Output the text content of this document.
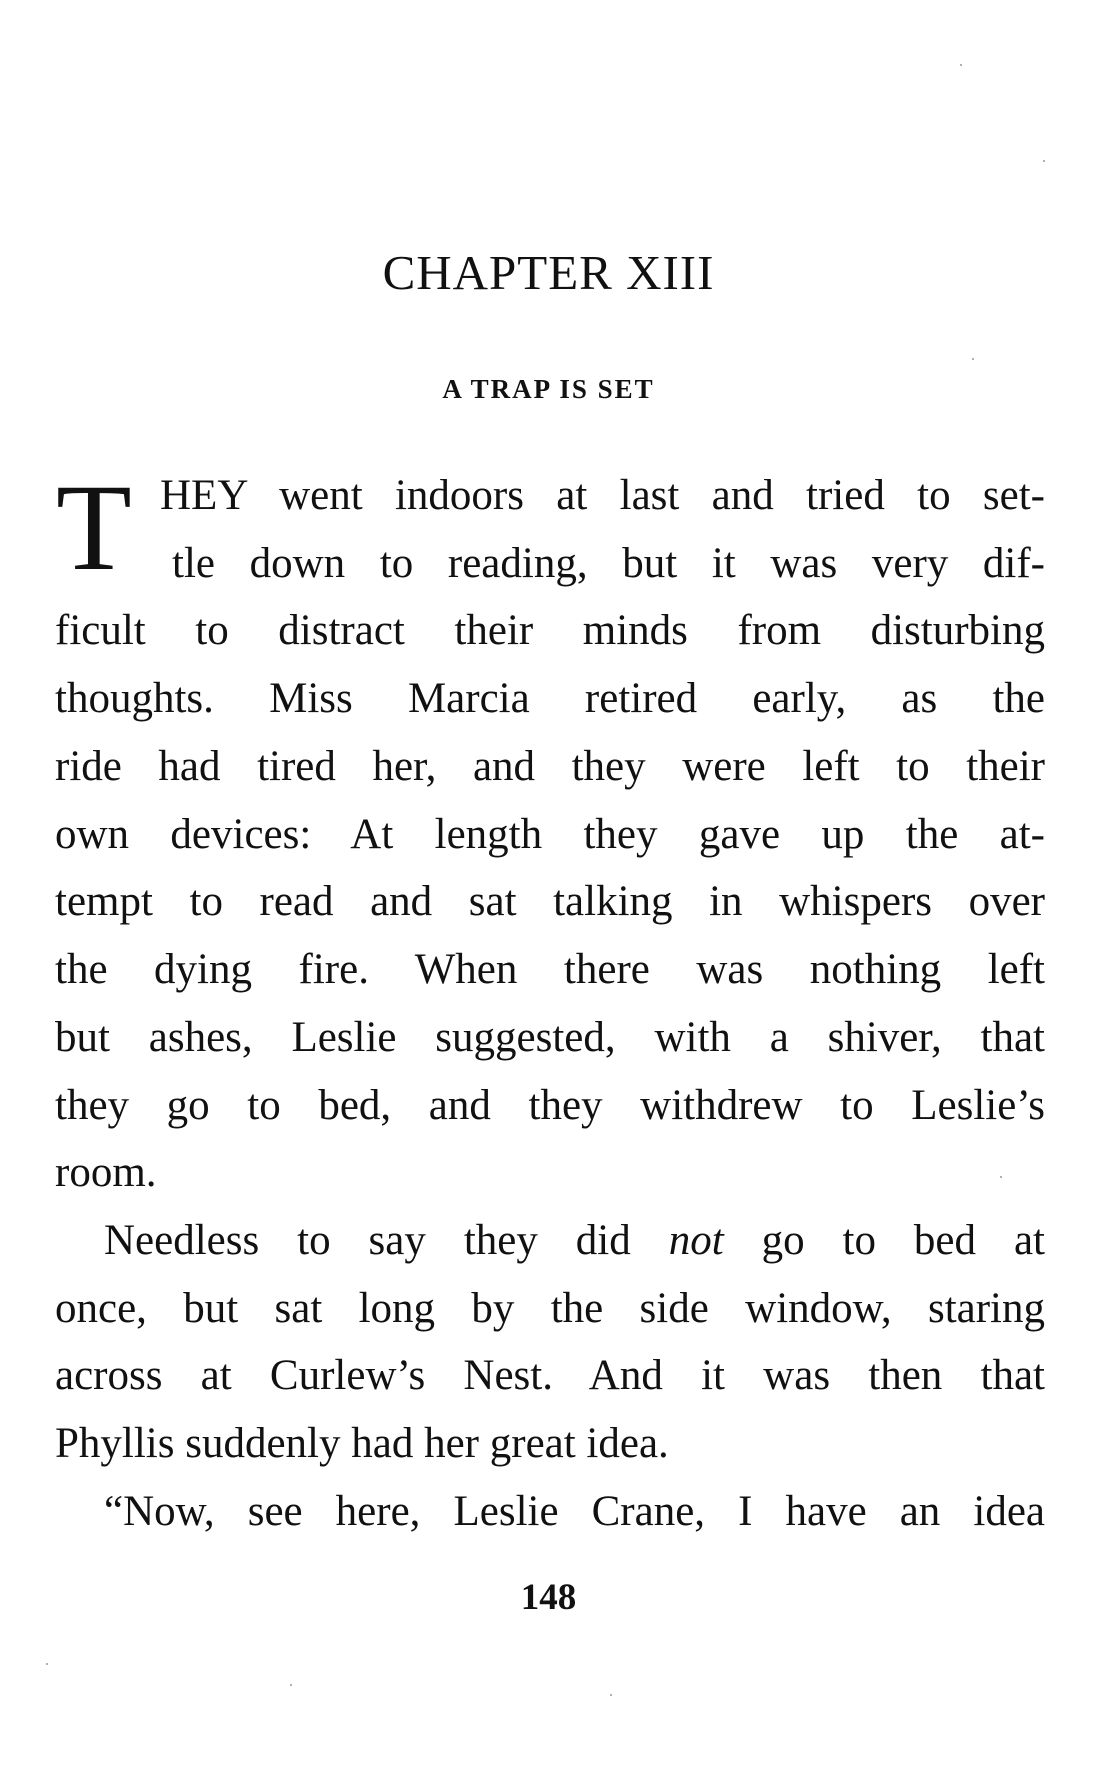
CHAPTER XIII
A TRAP IS SET
T HEY went indoors at last and tried to set-
tle down to reading, but it was very dif-
ficult to distract their minds from disturbing
thoughts. Miss Marcia retired early, as the
ride had tired her, and they were left to their
own devices: At length they gave up the at-
tempt to read and sat talking in whispers over
the dying fire. When there was nothing left
but ashes, Leslie suggested, with a shiver, that
they go to bed, and they withdrew to Leslie’s
room.
Needless to say they did not go to bed at
once, but sat long by the side window, staring
across at Curlew’s Nest. And it was then that
Phyllis suddenly had her great idea.
“Now, see here, Leslie Crane, I have an idea
148
